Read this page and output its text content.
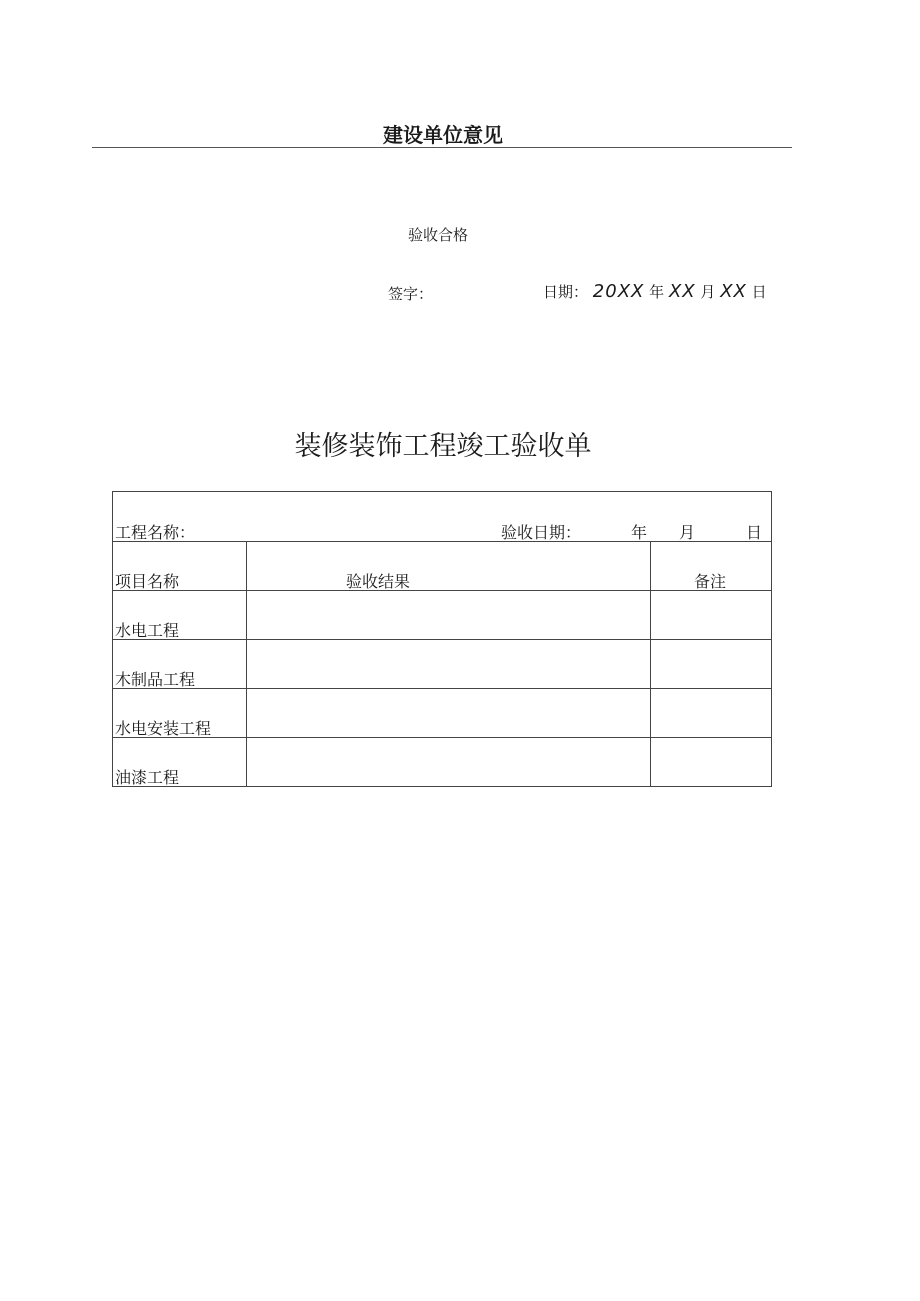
建设单位意见
验收合格
签字：	日期： 20XX 年 XX 月 XX 日
装修装饰工程竣工验收单
工程名称：	验收日期：	年 月	日
项目名称	验收结果	备注
水电工程
木制品工程
水电安装工程
油漆工程
